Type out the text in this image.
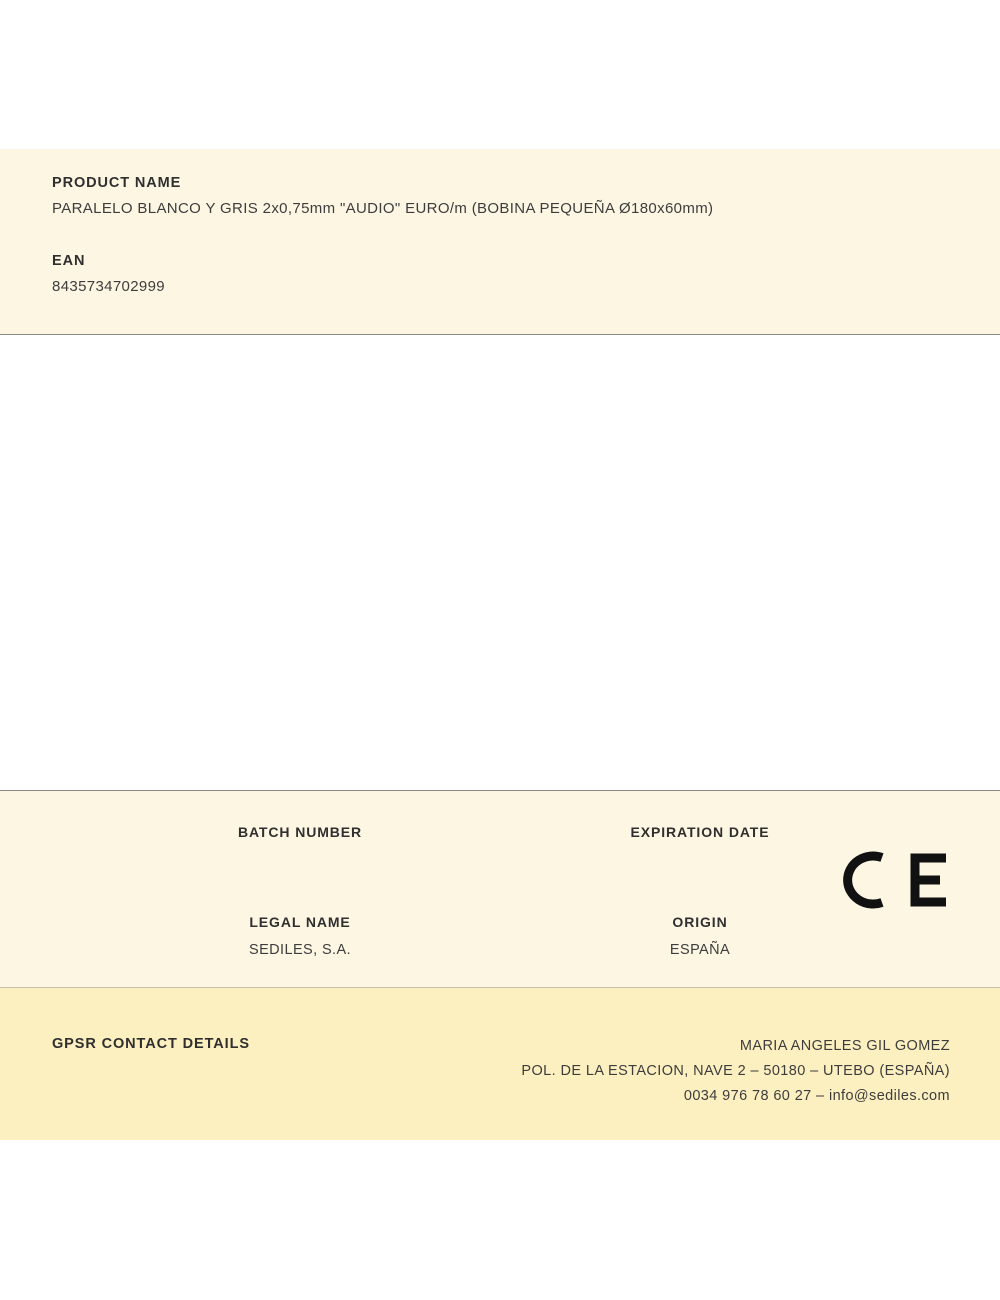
PRODUCT NAME
PARALELO BLANCO Y GRIS 2x0,75mm "AUDIO" EURO/m (BOBINA PEQUEÑA Ø180x60mm)
EAN
8435734702999
BATCH NUMBER	EXPIRATION DATE
LEGAL NAME
SEDILES, S.A.
ORIGIN
ESPAÑA
GPSR CONTACT DETAILS	MARIA ANGELES GIL GOMEZ
POL. DE LA ESTACION, NAVE 2 – 50180 – UTEBO (ESPAÑA)
0034 976 78 60 27 – info@sediles.com
